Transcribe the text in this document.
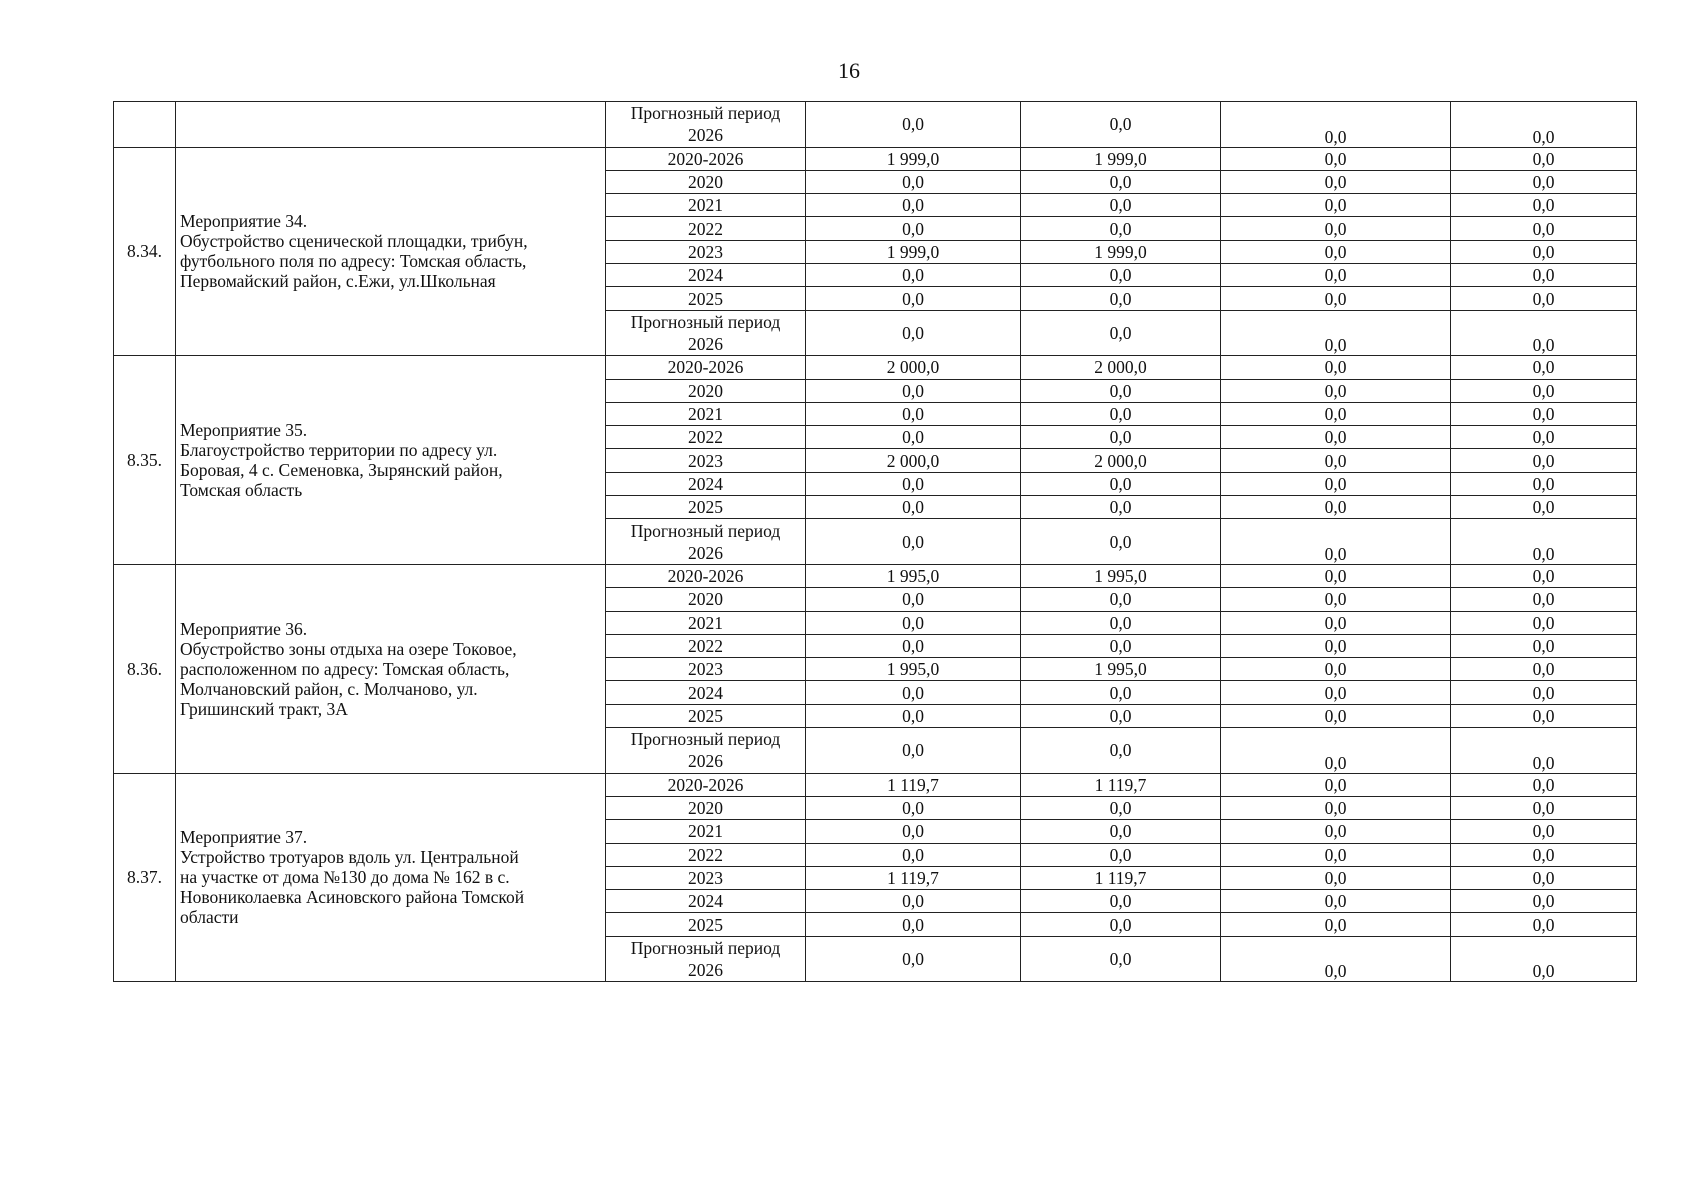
16

		Прогнозный период
2026	0,0	0,0	0,0	0,0
8.34.	Мероприятие 34.
Обустройство сценической площадки, трибун,
футбольного поля по адресу: Томская область,
Первомайский район, с.Ежи, ул.Школьная	2020-2026	1 999,0	1 999,0	0,0	0,0
		2020	0,0	0,0	0,0	0,0
		2021	0,0	0,0	0,0	0,0
		2022	0,0	0,0	0,0	0,0
		2023	1 999,0	1 999,0	0,0	0,0
		2024	0,0	0,0	0,0	0,0
		2025	0,0	0,0	0,0	0,0

		Прогнозный период
2026	0,0	0,0	0,0	0,0
8.35.	Мероприятие 35.
Благоустройство территории по адресу ул.
Боровая, 4 с. Семеновка, Зырянский район,
Томская область	2020-2026	2 000,0	2 000,0	0,0	0,0
		2020	0,0	0,0	0,0	0,0
		2021	0,0	0,0	0,0	0,0
		2022	0,0	0,0	0,0	0,0
		2023	2 000,0	2 000,0	0,0	0,0
		2024	0,0	0,0	0,0	0,0
		2025	0,0	0,0	0,0	0,0

		Прогнозный период
2026	0,0	0,0	0,0	0,0
8.36.	Мероприятие 36.
Обустройство зоны отдыха на озере Токовое,
расположенном по адресу: Томская область,
Молчановский район, с. Молчаново, ул.
Гришинский тракт, 3А	2020-2026	1 995,0	1 995,0	0,0	0,0
		2020	0,0	0,0	0,0	0,0
		2021	0,0	0,0	0,0	0,0
		2022	0,0	0,0	0,0	0,0
		2023	1 995,0	1 995,0	0,0	0,0
		2024	0,0	0,0	0,0	0,0
		2025	0,0	0,0	0,0	0,0

		Прогнозный период
2026	0,0	0,0	0,0	0,0
8.37.	Мероприятие 37.
Устройство тротуаров вдоль ул. Центральной
на участке от дома №130 до дома № 162 в с.
Новониколаевка Асиновского района Томской
области	2020-2026	1 119,7	1 119,7	0,0	0,0
		2020	0,0	0,0	0,0	0,0
		2021	0,0	0,0	0,0	0,0
		2022	0,0	0,0	0,0	0,0
		2023	1 119,7	1 119,7	0,0	0,0
		2024	0,0	0,0	0,0	0,0
		2025	0,0	0,0	0,0	0,0

		Прогнозный период
2026	0,0	0,0	0,0	0,0
